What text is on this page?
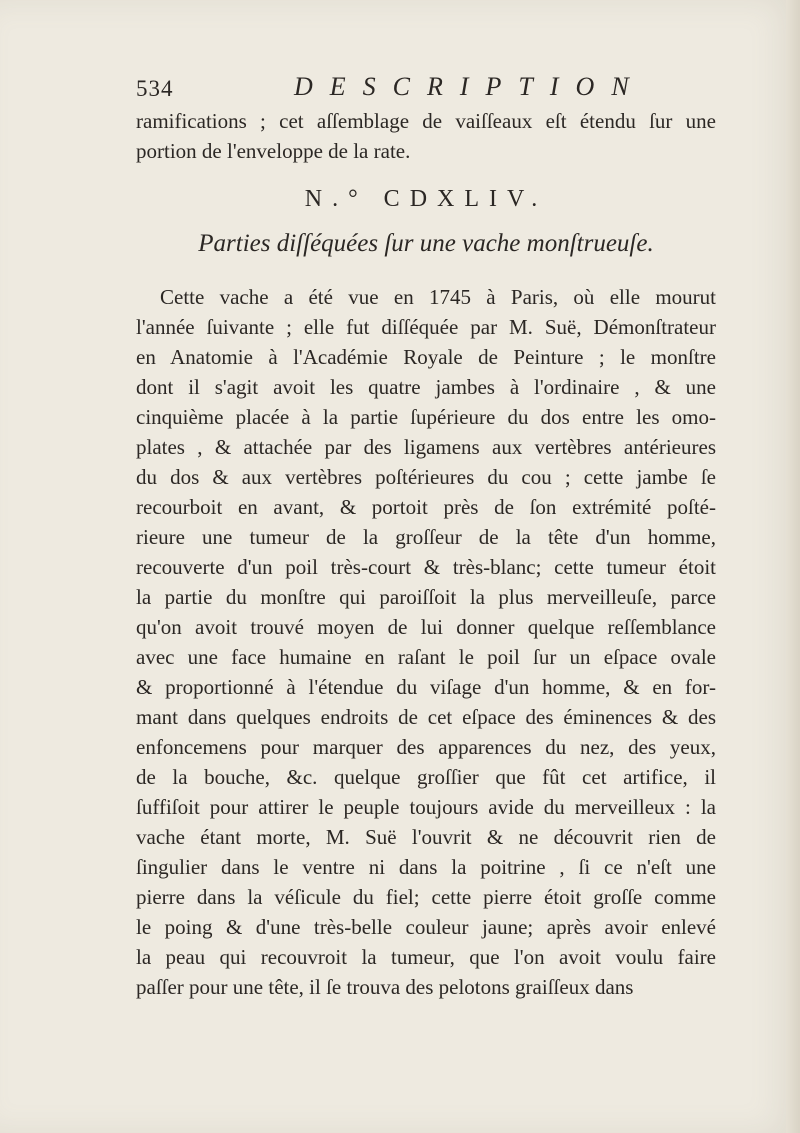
534	DESCRIPTION
ramifications ; cet aſſemblage de vaiſſeaux eſt étendu ſur une
portion de l'enveloppe de la rate.
N.° CDXLIV.
Parties diſſéquées ſur une vache monſtrueuſe.
Cette vache a été vue en 1745 à Paris, où elle mourut
l'année ſuivante ; elle fut diſſéquée par M. Suë, Démonſtrateur
en Anatomie à l'Académie Royale de Peinture ; le monſtre
dont il s'agit avoit les quatre jambes à l'ordinaire , & une
cinquième placée à la partie ſupérieure du dos entre les omo-
plates , & attachée par des ligamens aux vertèbres antérieures
du dos & aux vertèbres poſtérieures du cou ; cette jambe ſe
recourboit en avant, & portoit près de ſon extrémité poſté-
rieure une tumeur de la groſſeur de la tête d'un homme,
recouverte d'un poil très-court & très-blanc; cette tumeur étoit
la partie du monſtre qui paroiſſoit la plus merveilleuſe, parce
qu'on avoit trouvé moyen de lui donner quelque reſſemblance
avec une face humaine en raſant le poil ſur un eſpace ovale
& proportionné à l'étendue du viſage d'un homme, & en for-
mant dans quelques endroits de cet eſpace des éminences & des
enfoncemens pour marquer des apparences du nez, des yeux,
de la bouche, &c. quelque groſſier que fût cet artifice, il
ſuffiſoit pour attirer le peuple toujours avide du merveilleux : la
vache étant morte, M. Suë l'ouvrit & ne découvrit rien de
ſingulier dans le ventre ni dans la poitrine , ſi ce n'eſt une
pierre dans la véſicule du fiel; cette pierre étoit groſſe comme
le poing & d'une très-belle couleur jaune; après avoir enlevé
la peau qui recouvroit la tumeur, que l'on avoit voulu faire
paſſer pour une tête, il ſe trouva des pelotons graiſſeux dans
